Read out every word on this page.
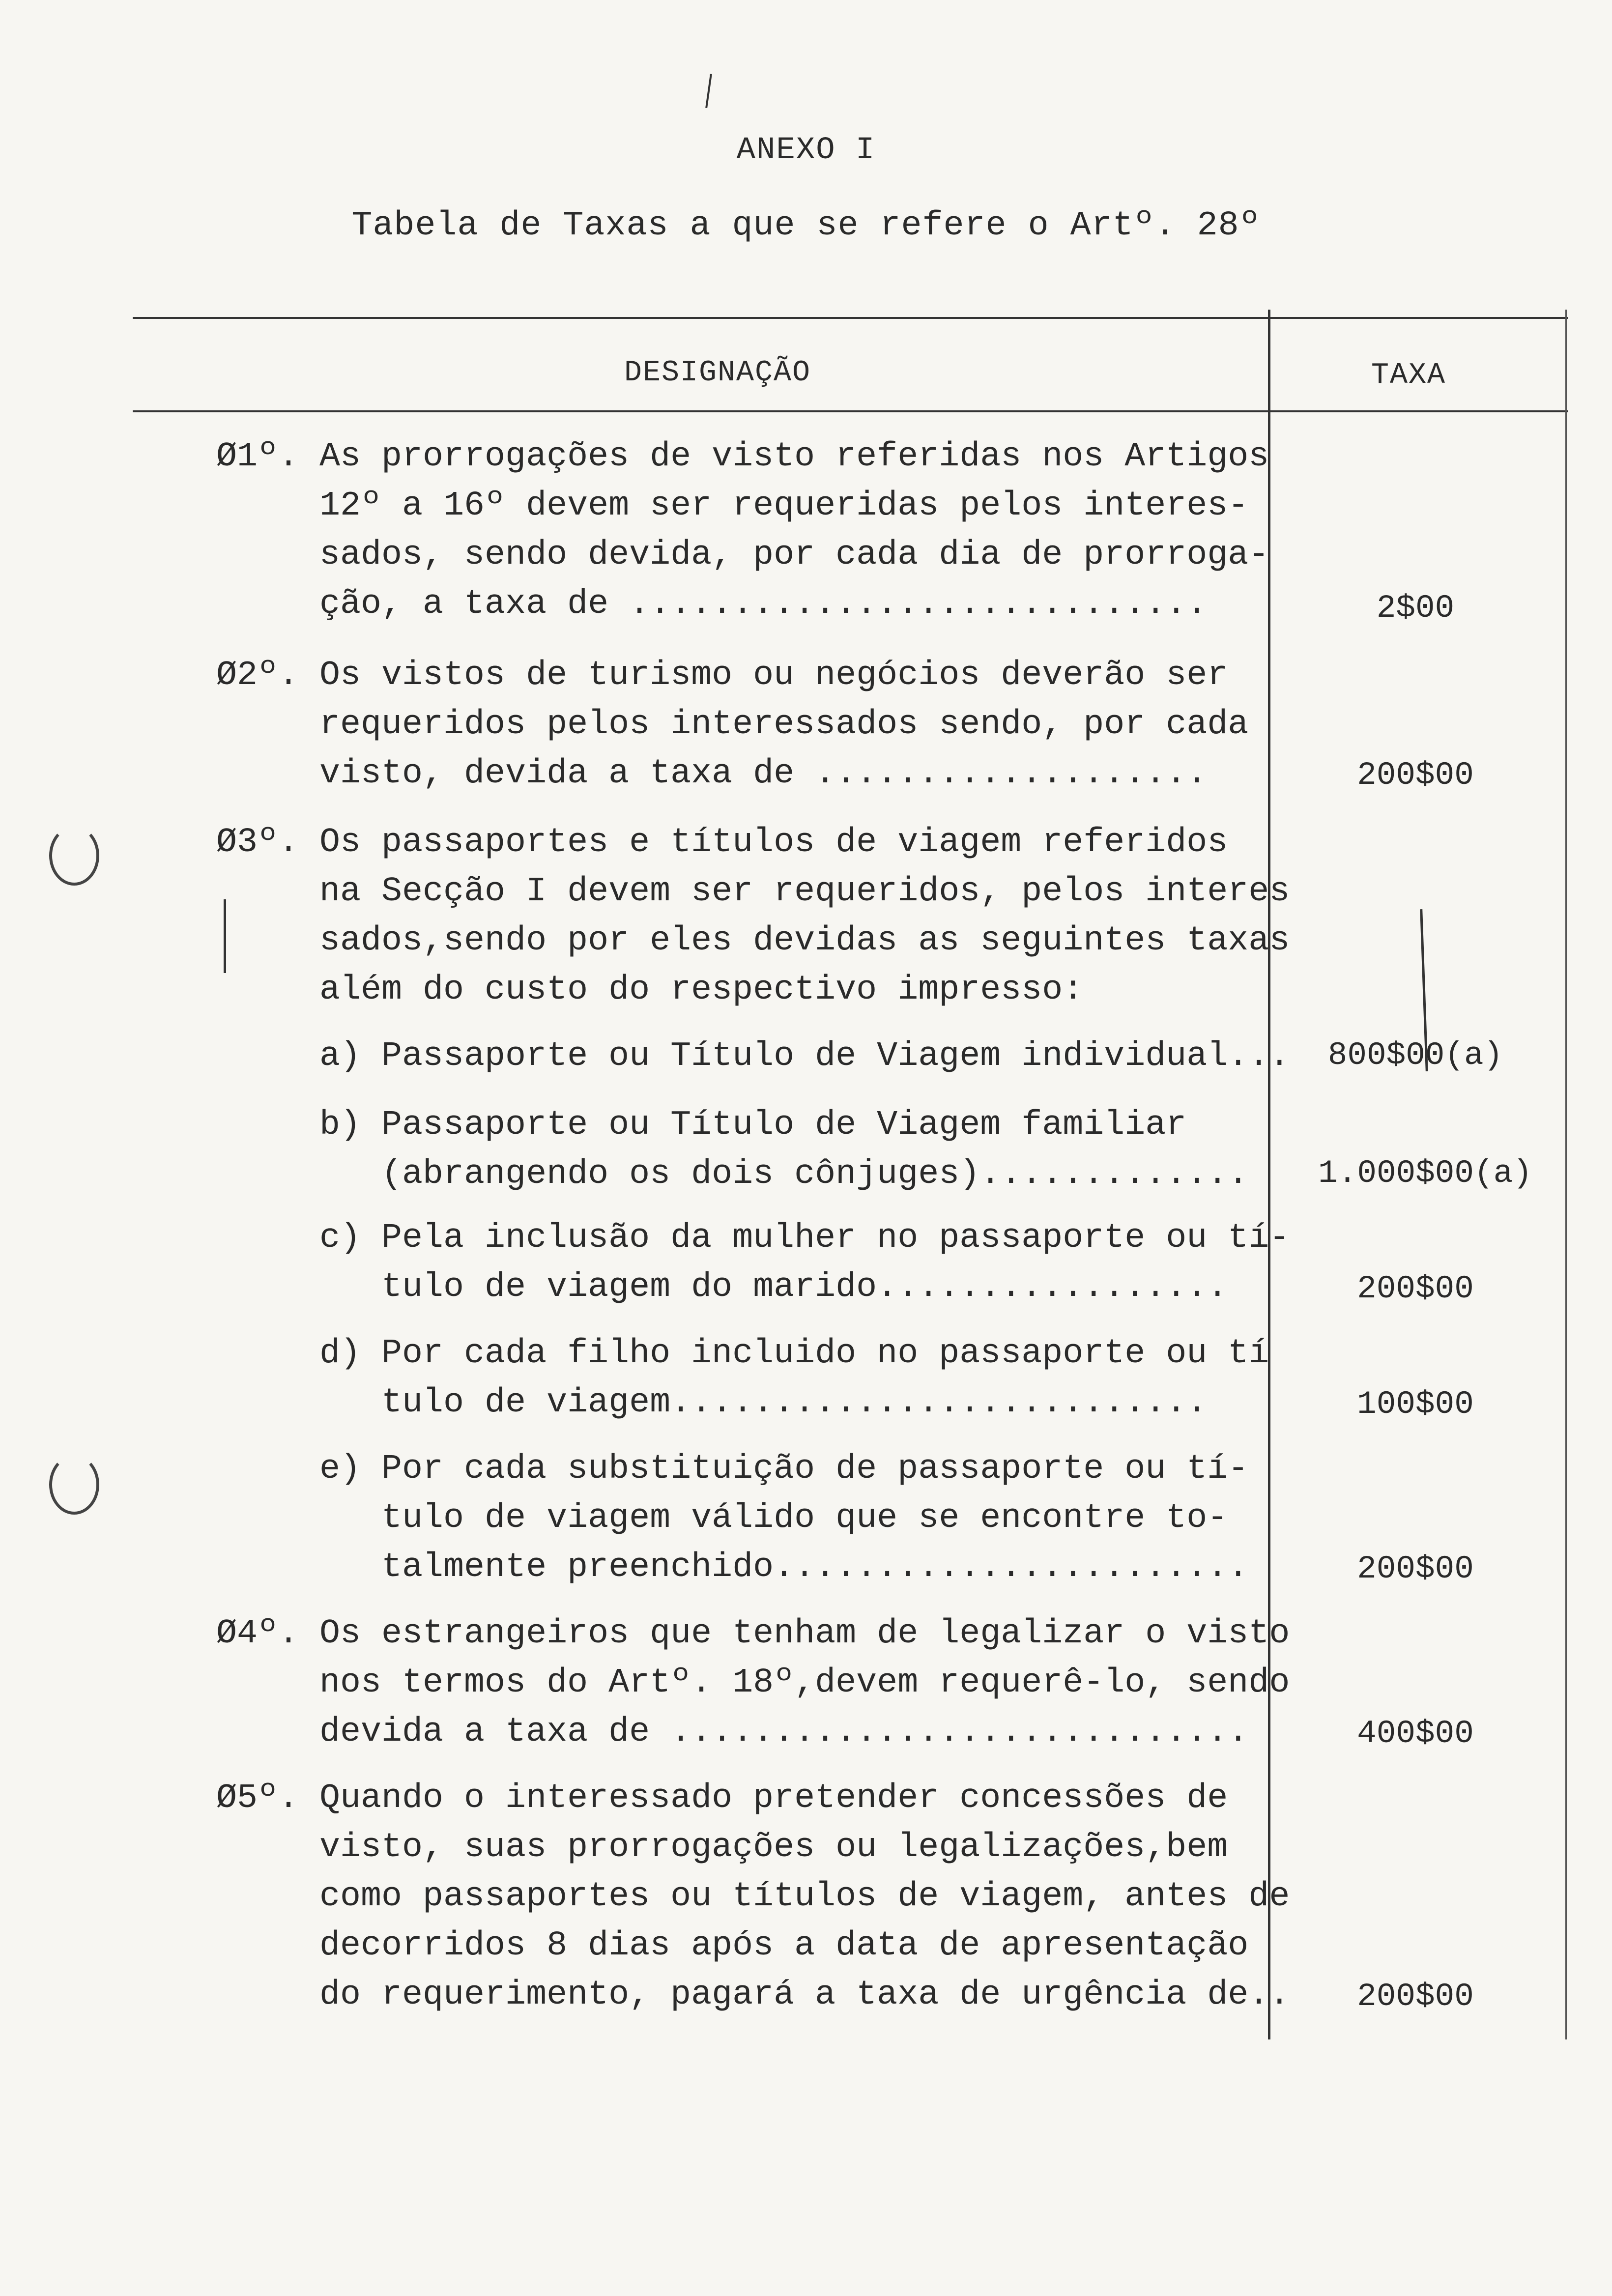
ANEXO I
Tabela de Taxas a que se refere o Artº. 28º
DESIGNAÇÃO	TAXA
Ø1º. As prorrogações de visto referidas nos Artigos
12º a 16º devem ser requeridas pelos interes-
sados, sendo devida, por cada dia de prorroga-
ção, a taxa de ............................	2$00
Ø2º. Os vistos de turismo ou negócios deverão ser
requeridos pelos interessados sendo, por cada
visto, devida a taxa de ...................	200$00
Ø3º. Os passaportes e títulos de viagem referidos
na Secção I devem ser requeridos, pelos interes
sados,sendo por eles devidas as seguintes taxas
além do custo do respectivo impresso:
a) Passaporte ou Título de Viagem individual...	800$00(a)
b) Passaporte ou Título de Viagem familiar
(abrangendo os dois cônjuges).............	1.000$00(a)
c) Pela inclusão da mulher no passaporte ou tí-
tulo de viagem do marido.................	200$00
d) Por cada filho incluido no passaporte ou tí
tulo de viagem..........................	100$00
e) Por cada substituição de passaporte ou tí-
tulo de viagem válido que se encontre to-
talmente preenchido.......................	200$00
Ø4º. Os estrangeiros que tenham de legalizar o visto
nos termos do Artº. 18º,devem requerê-lo, sendo
devida a taxa de ............................	400$00
Ø5º. Quando o interessado pretender concessões de
visto, suas prorrogações ou legalizações,bem
como passaportes ou títulos de viagem, antes de
decorridos 8 dias após a data de apresentação
do requerimento, pagará a taxa de urgência de..	200$00
